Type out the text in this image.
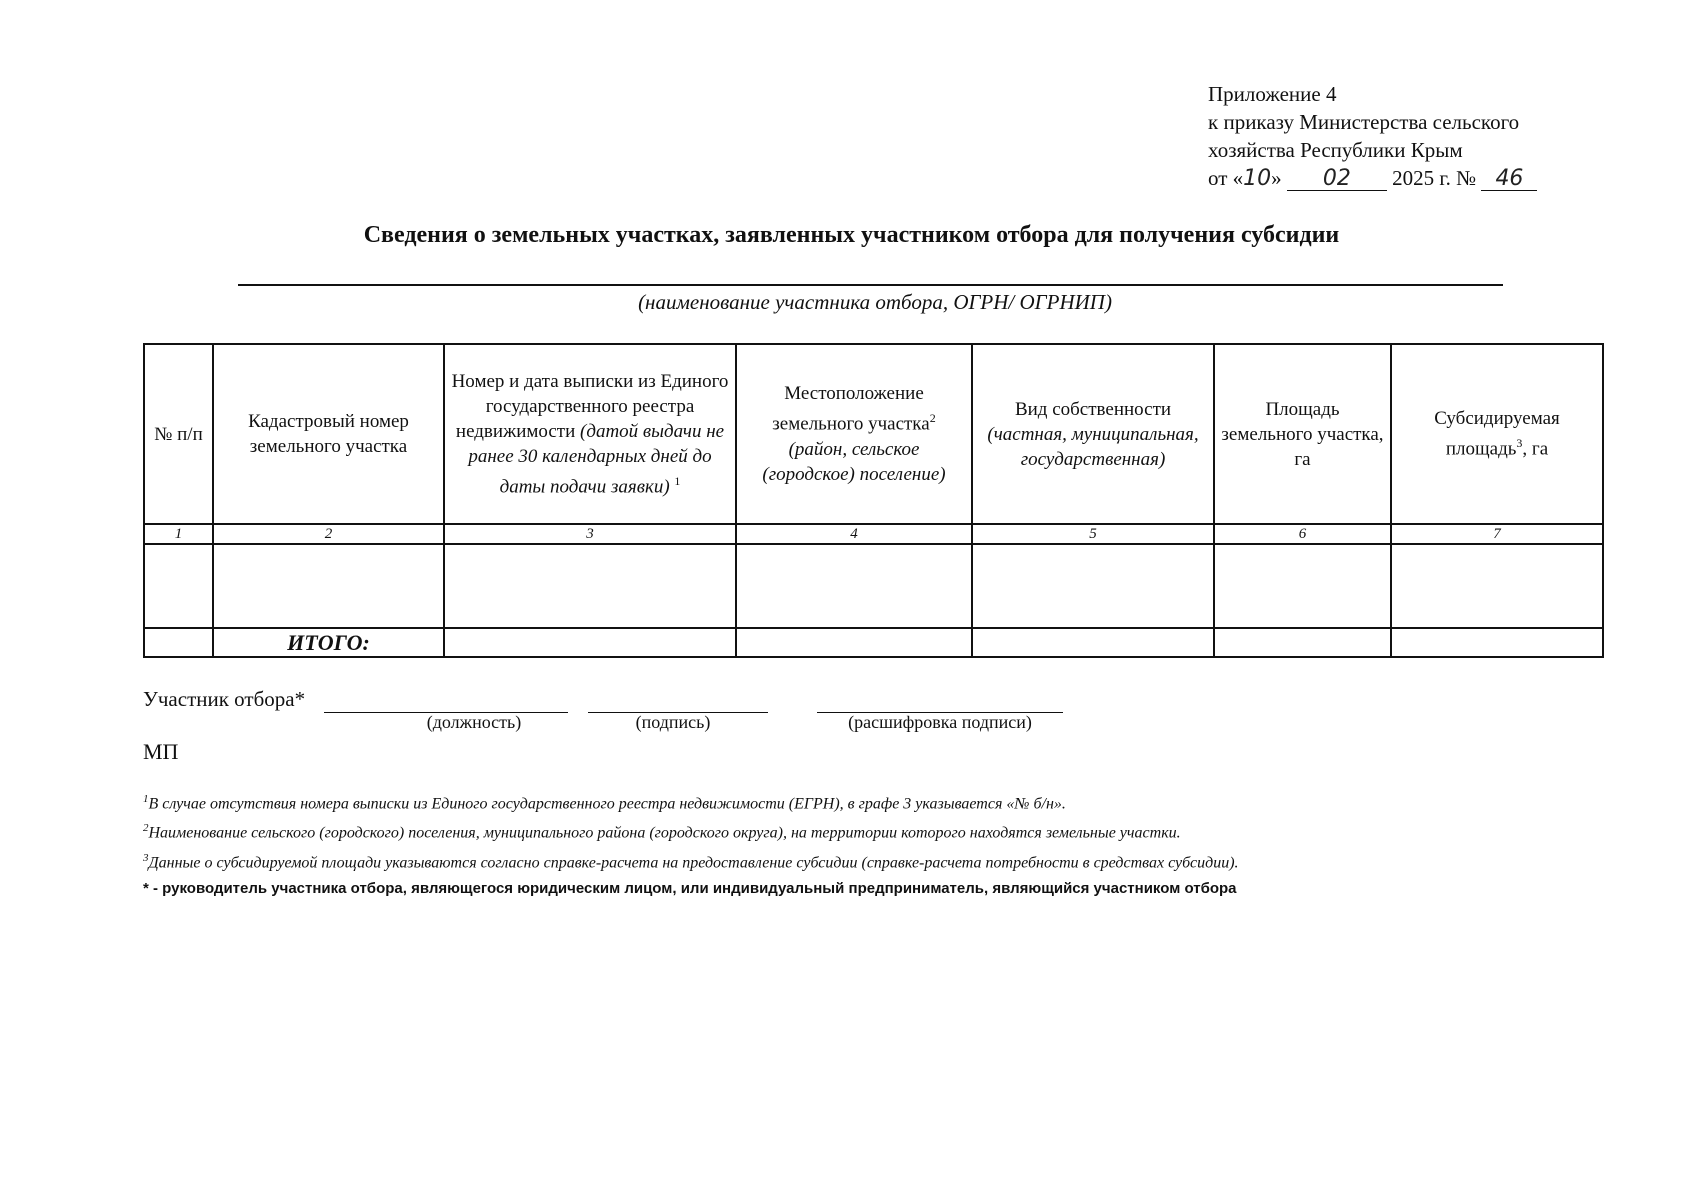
Приложение 4
к приказу Министерства сельского
хозяйства Республики Крым
от «10» 02 2025 г. № 46
Сведения о земельных участках, заявленных участником отбора для получения субсидии
(наименование участника отбора, ОГРН/ ОГРНИП)
№ п/п	Кадастровый номер земельного участка	Номер и дата выписки из Единого государственного реестра недвижимости (датой выдачи не ранее 30 календарных дней до даты подачи заявки) $^1$	Местоположение земельного участка$^2$ (район, сельское (городское) поселение)	Вид собственности (частная, муниципальная, государственная)	Площадь земельного участка, га	Субсидируемая площадь$^3$, га
1	2	3	4	5	6	7

	ИТОГО:					
Участник отбора*
(должность)	(подпись)	(расшифровка подписи)
МП
$^1$В случае отсутствия номера выписки из Единого государственного реестра недвижимости (ЕГРН), в графе 3 указывается «№ б/н».
$^2$Наименование сельского (городского) поселения, муниципального района (городского округа), на территории которого находятся земельные участки.
$^3$Данные о субсидируемой площади указываются согласно справке-расчета на предоставление субсидии (справке-расчета потребности в средствах субсидии).
* - руководитель участника отбора, являющегося юридическим лицом, или индивидуальный предприниматель, являющийся участником отбора
